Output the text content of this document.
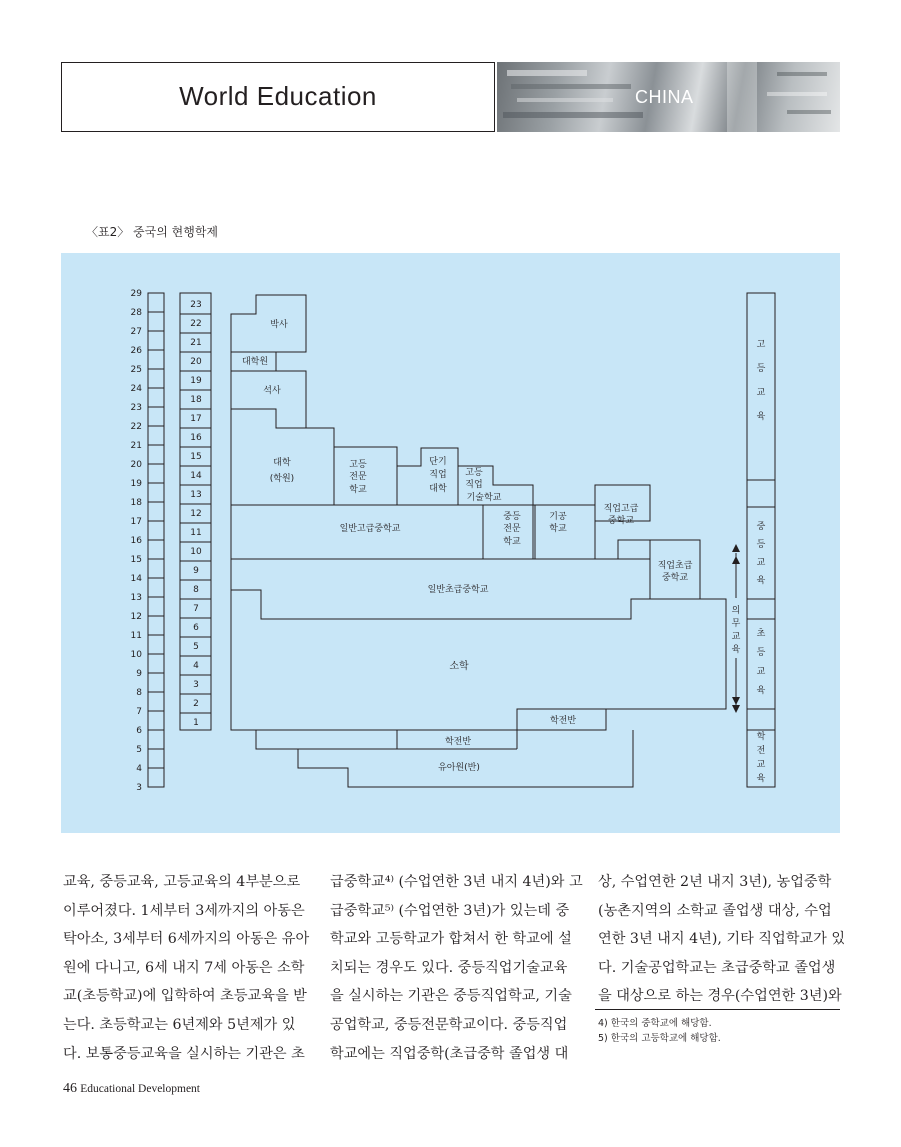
World Education	CHINA
〈표2〉 중국의 현행학제
29
28
27
26
25
24
23
22
21
20
19
18
17
16
15
14
13
12
11
10
9
8
7
6
5
4
3
23
22
21
20
19
18
17
16
15
14
13
12
11
10
9
8
7
6
5
4
3
2
1
박사
대학원
석사
대학
(학원)
고등
전문
학교
단기
직업
대학
고등
직업
기술학교
일반고급중학교
중등
전문
학교
기공
학교
직업고급
중학교
직업초급
중학교
일반초급중학교
소학
학전반
학전반
유아원(반)
의
무
교
육
고
등
교
육
중
등
교
육
초
등
교
육
학
전
교
육

교육, 중등교육, 고등교육의 4부분으로

이루어졌다. 1세부터 3세까지의 아동은

탁아소, 3세부터 6세까지의 아동은 유아

원에 다니고, 6세 내지 7세 아동은 소학

교(초등학교)에 입학하여 초등교육을 받

는다. 초등학교는 6년제와 5년제가 있

다. 보통중등교육을 실시하는 기관은 초

급중학교⁴⁾ (수업연한 3년 내지 4년)와 고

급중학교⁵⁾ (수업연한 3년)가 있는데 중

학교와 고등학교가 합쳐서 한 학교에 설

치되는 경우도 있다. 중등직업기술교육

을 실시하는 기관은 중등직업학교, 기술

공업학교, 중등전문학교이다. 중등직업

학교에는 직업중학(초급중학 졸업생 대

상, 수업연한 2년 내지 3년), 농업중학

(농촌지역의 소학교 졸업생 대상, 수업

연한 3년 내지 4년), 기타 직업학교가 있

다. 기술공업학교는 초급중학교 졸업생

을 대상으로 하는 경우(수업연한 3년)와

4) 한국의 중학교에 해당함.
5) 한국의 고등학교에 해당함.
46 Educational Development
